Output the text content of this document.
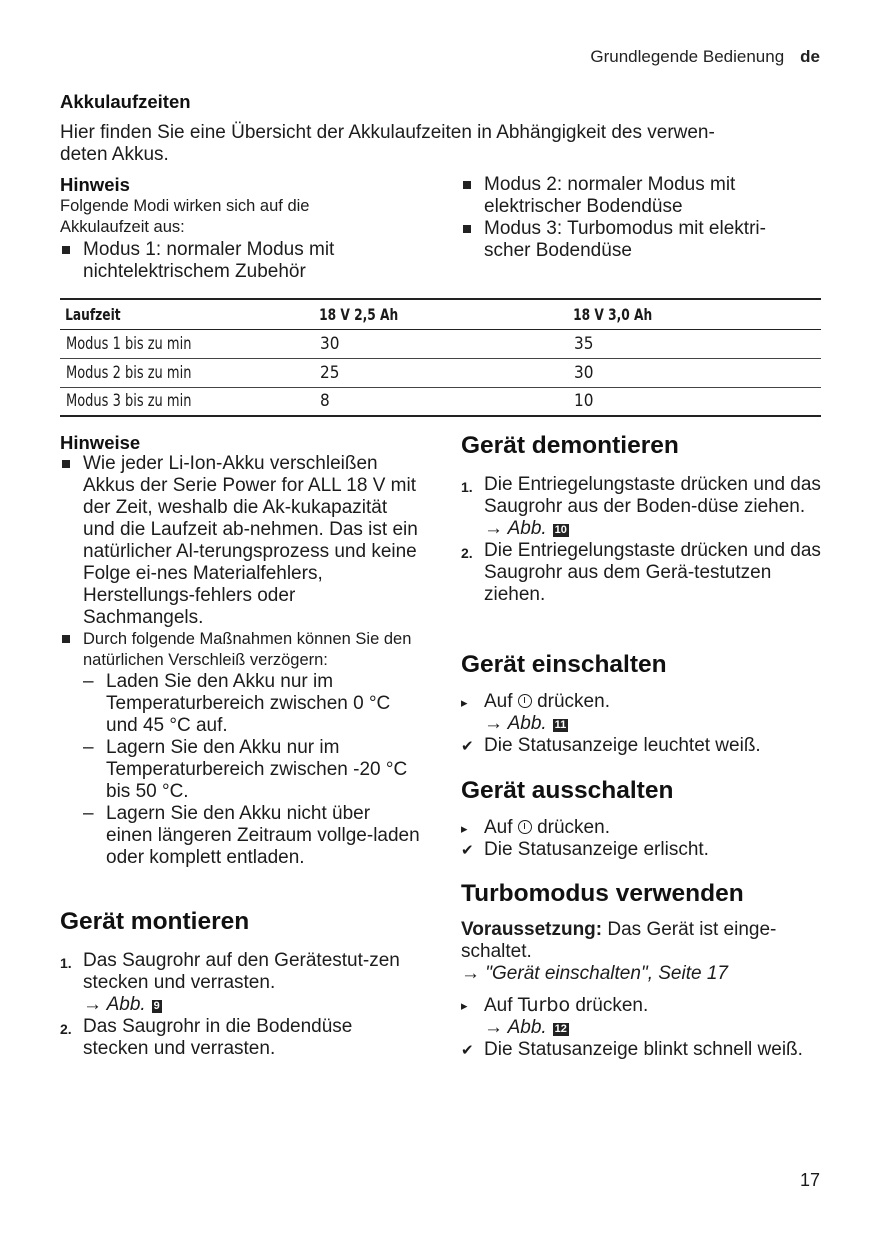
Grundlegende Bedienung de
Akkulaufzeiten
Hier finden Sie eine Übersicht der Akkulaufzeiten in Abhängigkeit des verwen-
deten Akkus.
Hinweis
Folgende Modi wirken sich auf die Akkulaufzeit aus:
Modus 1: normaler Modus mit nichtelektrischem Zubehör
Modus 2: normaler Modus mit elektrischer Bodendüse
Modus 3: Turbomodus mit elektri-scher Bodendüse
Laufzeit	18 V 2,5 Ah	18 V 3,0 Ah
Modus 1 bis zu min	30	35
Modus 2 bis zu min	25	30
Modus 3 bis zu min	8	10
Hinweise
Wie jeder Li-Ion-Akku verschleißen Akkus der Serie Power for ALL 18 V mit der Zeit, weshalb die Ak-kukapazität und die Laufzeit ab-nehmen. Das ist ein natürlicher Al-terungsprozess und keine Folge ei-nes Materialfehlers, Herstellungs-fehlers oder Sachmangels.
Durch folgende Maßnahmen können Sie den natürlichen Verschleiß verzögern:
– Laden Sie den Akku nur im Temperaturbereich zwischen 0 °C und 45 °C auf.
– Lagern Sie den Akku nur im Temperaturbereich zwischen -20 °C bis 50 °C.
– Lagern Sie den Akku nicht über einen längeren Zeitraum vollge-laden oder komplett entladen.
Gerät montieren
1. Das Saugrohr auf den Gerätestut-zen stecken und verrasten.
→ Abb. 9
2. Das Saugrohr in die Bodendüse stecken und verrasten.
Gerät demontieren
1. Die Entriegelungstaste drücken und das Saugrohr aus der Boden-düse ziehen.
→ Abb. 10
2. Die Entriegelungstaste drücken und das Saugrohr aus dem Gerä-testutzen ziehen.
Gerät einschalten
▸ Auf drücken.
→ Abb. 11
✔ Die Statusanzeige leuchtet weiß.
Gerät ausschalten
▸ Auf drücken.
✔ Die Statusanzeige erlischt.
Turbomodus verwenden
Voraussetzung: Das Gerät ist einge-schaltet.
→ "Gerät einschalten", Seite 17
▸ Auf Turbo drücken.
→ Abb. 12
✔ Die Statusanzeige blinkt schnell weiß.
17
